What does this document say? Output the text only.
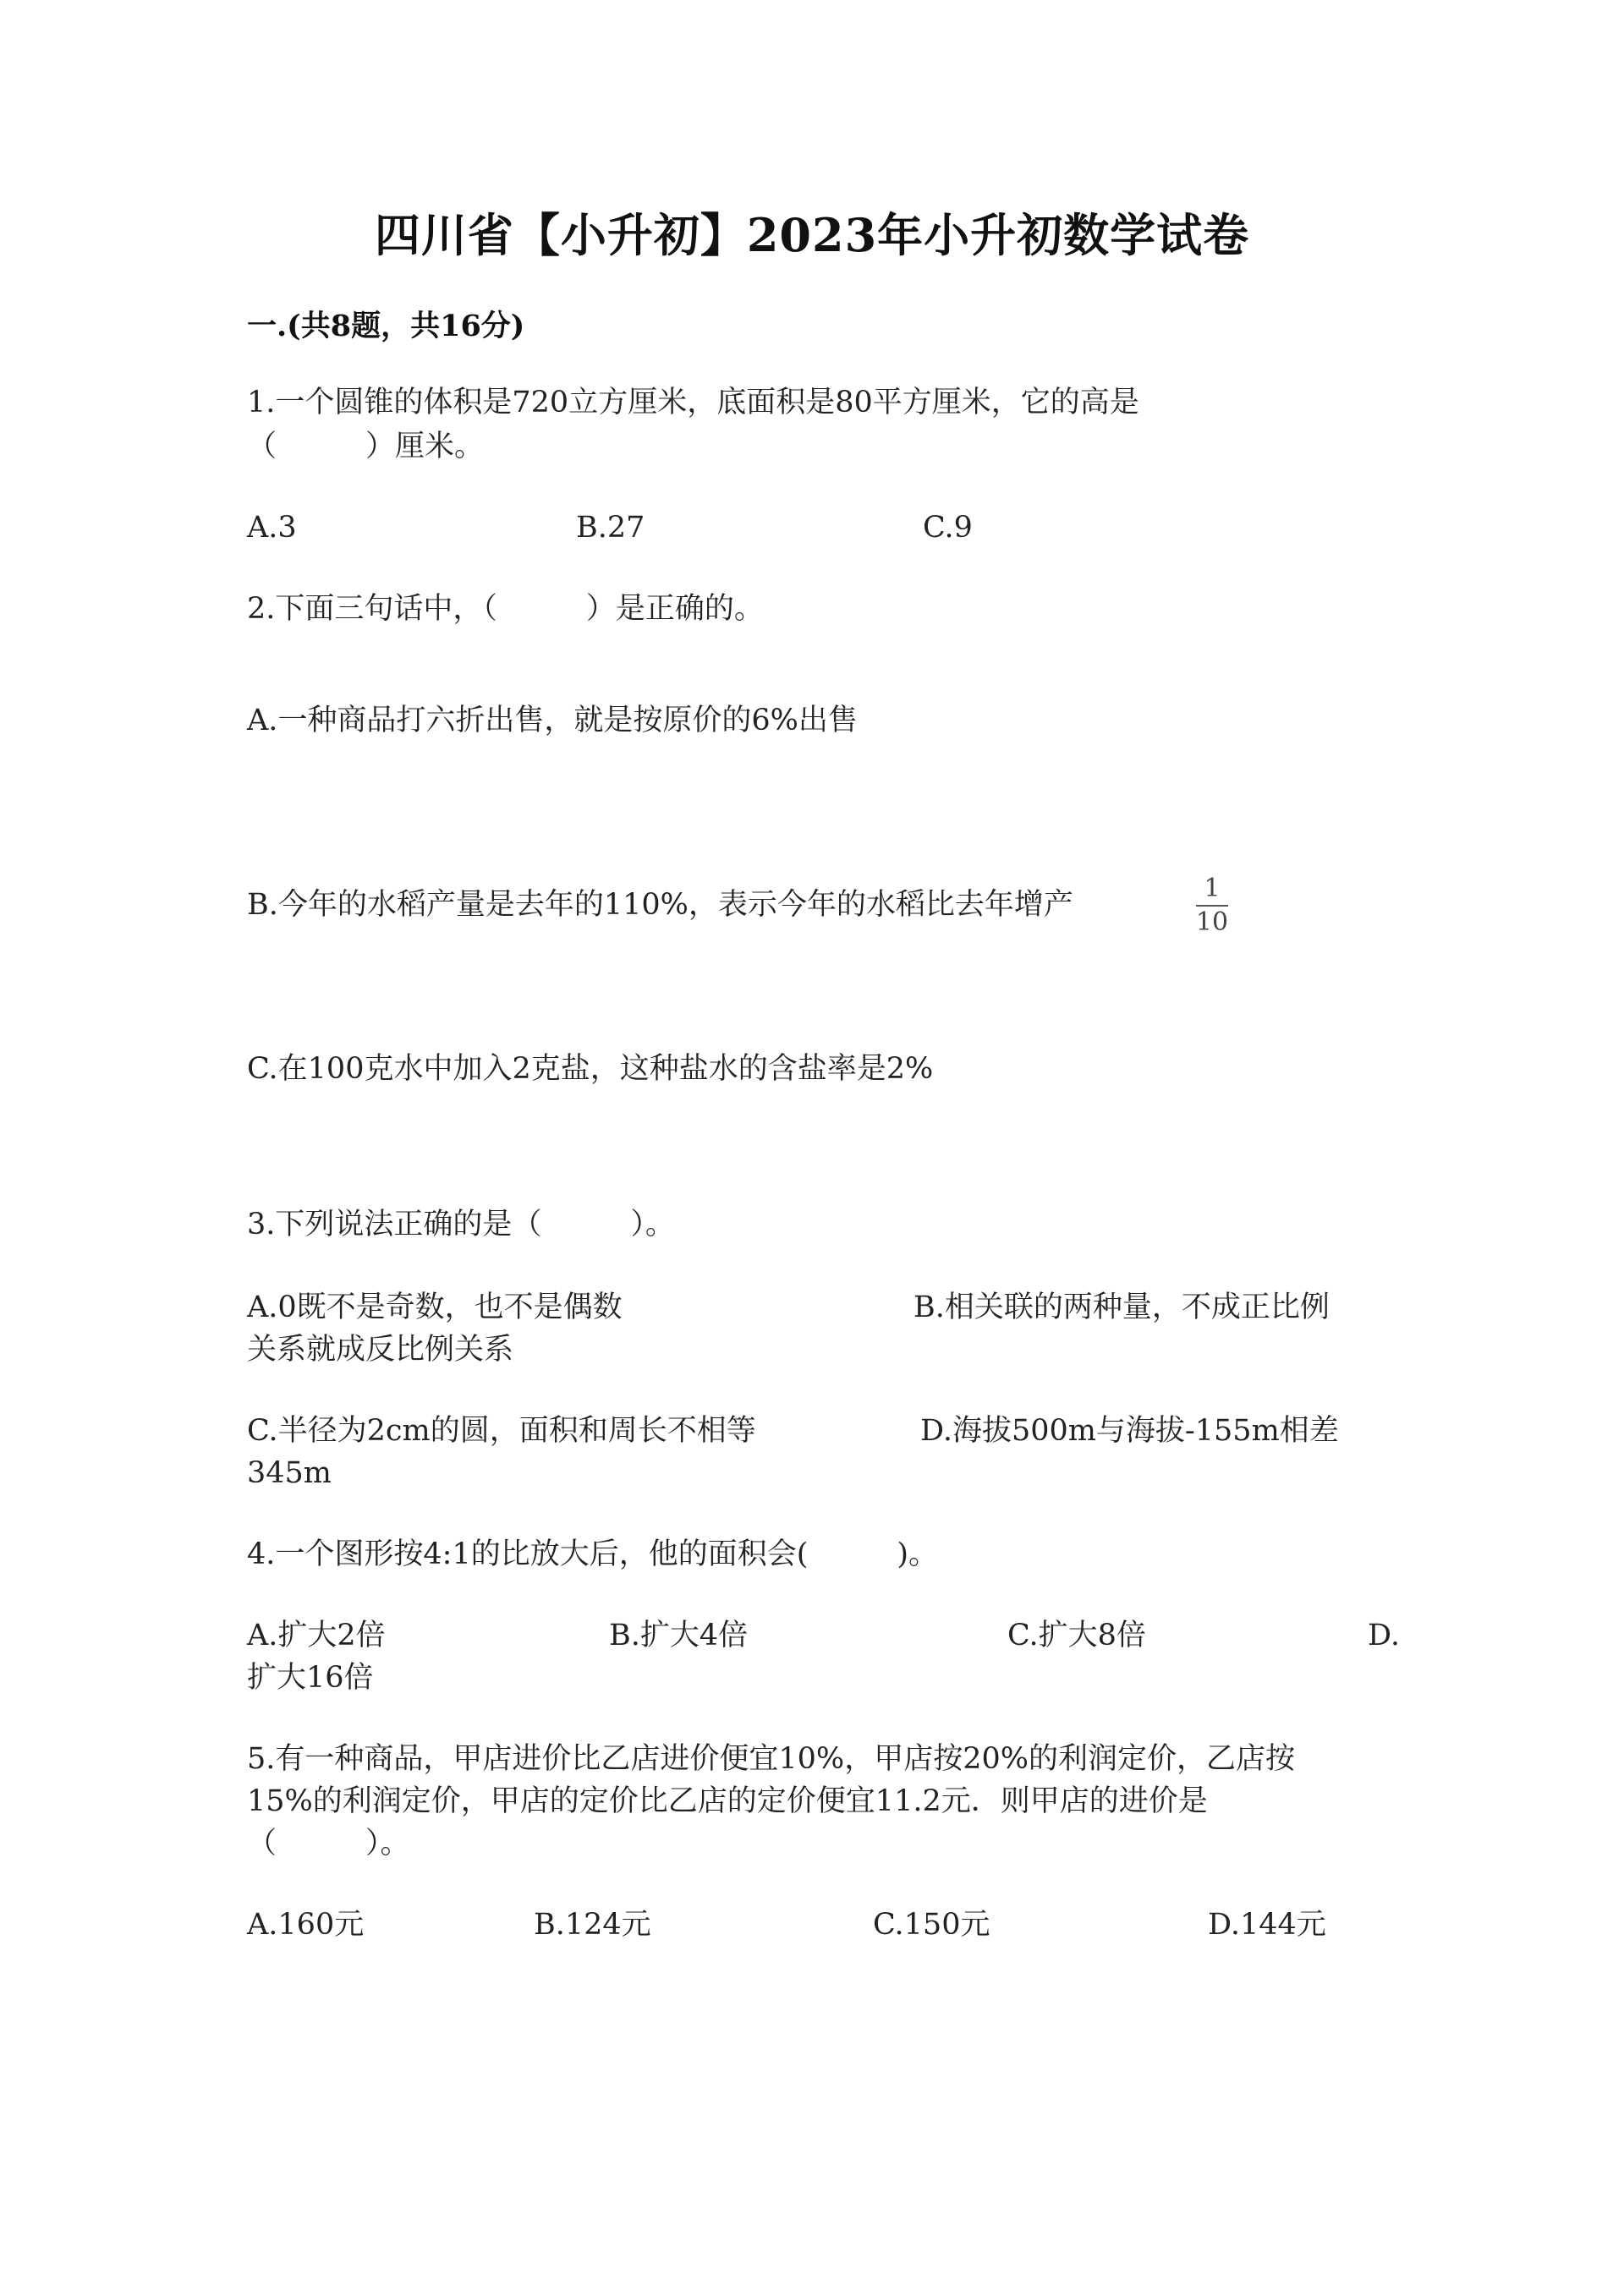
四川省【小升初】2023年小升初数学试卷
一.(共8题，共16分)
1.一个圆锥的体积是720立方厘米，底面积是80平方厘米，它的高是
（　　　）厘米。
A.3	B.27	C.9
2.下面三句话中，（　　　）是正确的。
A.一种商品打六折出售，就是按原价的6%出售
B.今年的水稻产量是去年的110%，表示今年的水稻比去年增产	1
10
C.在100克水中加入2克盐，这种盐水的含盐率是2%
3.下列说法正确的是（　　　）。
A.0既不是奇数，也不是偶数	B.相关联的两种量，不成正比例
关系就成反比例关系
C.半径为2cm的圆，面积和周长不相等	D.海拔500m与海拔-155m相差
345m
4.一个图形按4:1的比放大后，他的面积会(　　　)。
A.扩大2倍	B.扩大4倍	C.扩大8倍	D.
扩大16倍
5.有一种商品，甲店进价比乙店进价便宜10%，甲店按20%的利润定价，乙店按
15%的利润定价，甲店的定价比乙店的定价便宜11.2元．则甲店的进价是
（　　　）。
A.160元	B.124元	C.150元	D.144元
